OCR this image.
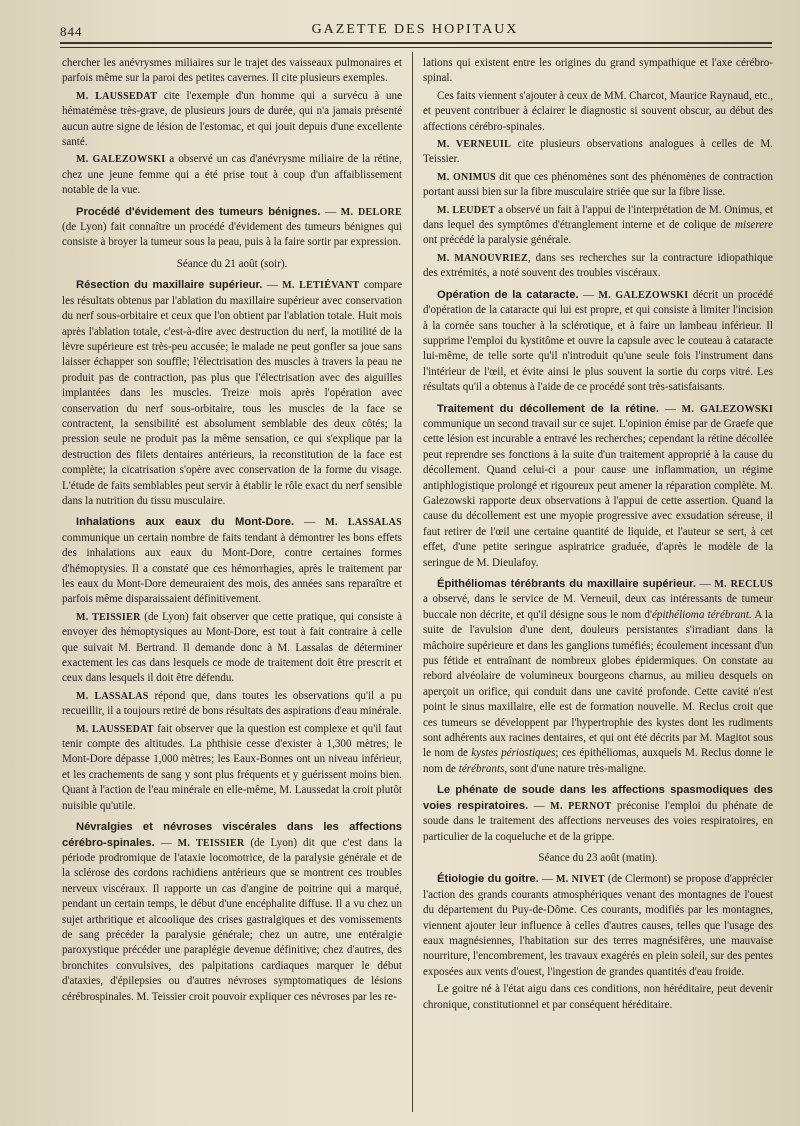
844	GAZETTE DES HOPITAUX

chercher les anévrysmes miliaires sur le trajet des vaisseaux pulmonaires et parfois même sur la paroi des petites cavernes. Il cite plusieurs exemples.

M. LAUSSEDAT cite l'exemple d'un homme qui a survécu à une hématémèse très-grave, de plusieurs jours de durée, qui n'a jamais présenté aucun autre signe de lésion de l'estomac, et qui jouit depuis d'une excellente santé.

M. GALEZOWSKI a observé un cas d'anévrysme miliaire de la rétine, chez une jeune femme qui a été prise tout à coup d'un affaiblissement notable de la vue.

Procédé d'évidement des tumeurs bénignes. — M. DELORE (de Lyon) fait connaître un procédé d'évidement des tumeurs bénignes qui consiste à broyer la tumeur sous la peau, puis à la faire sortir par expression.

Séance du 21 août (soir).

Résection du maxillaire supérieur. — M. LETIÉVANT compare les résultats obtenus par l'ablation du maxillaire supérieur avec conservation du nerf sous-orbitaire et ceux que l'on obtient par l'ablation totale. Huit mois après l'ablation totale, c'est-à-dire avec destruction du nerf, la motilité de la lèvre supérieure est très-peu accusée; le malade ne peut gonfler sa joue sans laisser échapper son souffle; l'électrisation des muscles à travers la peau ne produit pas de contraction, pas plus que l'électrisation avec des aiguilles implantées dans les muscles. Treize mois après l'opération avec conservation du nerf sous-orbitaire, tous les muscles de la face se contractent, la sensibilité est absolument semblable des deux côtés; la pression seule ne produit pas la même sensation, ce qui s'explique par la destruction des filets dentaires antérieurs, la reconstitution de la face est complète; la cicatrisation s'opère avec conservation de la forme du visage. L'étude de faits semblables peut servir à établir le rôle exact du nerf sensible dans la nutrition du tissu musculaire.

Inhalations aux eaux du Mont-Dore. — M. LASSALAS communique un certain nombre de faits tendant à démontrer les bons effets des inhalations aux eaux du Mont-Dore, contre certaines formes d'hémoptysies. Il a constaté que ces hémorrhagies, après le traitement par les eaux du Mont-Dore demeuraient des mois, des années sans reparaître et parfois même disparaissaient définitivement.

M. TEISSIER (de Lyon) fait observer que cette pratique, qui consiste à envoyer des hémoptysiques au Mont-Dore, est tout à fait contraire à celle que suivait M. Bertrand. Il demande donc à M. Lassalas de déterminer exactement les cas dans lesquels ce mode de traitement doit être prescrit et ceux dans lesquels il doit être défendu.

M. LASSALAS répond que, dans toutes les observations qu'il a pu recueillir, il a toujours retiré de bons résultats des aspirations d'eau minérale.

M. LAUSSEDAT fait observer que la question est complexe et qu'il faut tenir compte des altitudes. La phthisie cesse d'exister à 1,300 mètres; le Mont-Dore dépasse 1,000 mètres; les Eaux-Bonnes ont un niveau inférieur, et les crachements de sang y sont plus fréquents et y guérissent moins bien. Quant à l'action de l'eau minérale en elle-même, M. Laussedat la croit plutôt nuisible qu'utile.

Névralgies et névroses viscérales dans les affections cérébro-spinales. — M. TEISSIER (de Lyon) dit que c'est dans la période prodromique de l'ataxie locomotrice, de la paralysie générale et de la sclérose des cordons rachidiens antérieurs que se montrent ces troubles nerveux viscéraux. Il rapporte un cas d'angine de poitrine qui a marqué, pendant un certain temps, le début d'une encéphalite diffuse. Il a vu chez un sujet arthritique et alcoolique des crises gastralgiques et des vomissements de sang précéder la paralysie générale; chez un autre, une entéralgie paroxystique précéder une paraplégie devenue définitive; chez d'autres, des bronchites convulsives, des palpitations cardiaques marquer le début d'ataxies, d'épilepsies ou d'autres névroses symptomatiques de lésions cérébrospinales. M. Teissier croit pouvoir expliquer ces névroses par les re-

lations qui existent entre les origines du grand sympathique et l'axe cérébro-spinal.

Ces faits viennent s'ajouter à ceux de MM. Charcot, Maurice Raynaud, etc., et peuvent contribuer à éclairer le diagnostic si souvent obscur, au début des affections cérébro-spinales.

M. VERNEUIL cite plusieurs observations analogues à celles de M. Teissier.

M. ONIMUS dit que ces phénomènes sont des phénomènes de contraction portant aussi bien sur la fibre musculaire striée que sur la fibre lisse.

M. LEUDET a observé un fait à l'appui de l'interprétation de M. Onimus, et dans lequel des symptômes d'étranglement interne et de colique de miserere ont précédé la paralysie générale.

M. MANOUVRIEZ, dans ses recherches sur la contracture idiopathique des extrémités, a noté souvent des troubles viscéraux.

Opération de la cataracte. — M. GALEZOWSKI décrit un procédé d'opération de la cataracte qui lui est propre, et qui consiste à limiter l'incision à la cornée sans toucher à la sclérotique, et à faire un lambeau inférieur. Il supprime l'emploi du kystitôme et ouvre la capsule avec le couteau à cataracte lui-même, de telle sorte qu'il n'introduit qu'une seule fois l'instrument dans l'intérieur de l'œil, et évite ainsi le plus souvent la sortie du corps vitré. Les résultats qu'il a obtenus à l'aide de ce procédé sont très-satisfaisants.

Traitement du décollement de la rétine. — M. GALEZOWSKI communique un second travail sur ce sujet. L'opinion émise par de Graefe que cette lésion est incurable a entravé les recherches; cependant la rétine décollée peut reprendre ses fonctions à la suite d'un traitement approprié à la cause du décollement. Quand celui-ci a pour cause une inflammation, un régime antiphlogistique prolongé et rigoureux peut amener la réparation complète. M. Galezowski rapporte deux observations à l'appui de cette assertion. Quand la cause du décollement est une myopie progressive avec exsudation séreuse, il faut retirer de l'œil une certaine quantité de liquide, et l'auteur se sert, à cet effet, d'une petite seringue aspiratrice graduée, d'après le modèle de la seringue de M. Dieulafoy.

Épithéliomas térébrants du maxillaire supérieur. — M. RECLUS a observé, dans le service de M. Verneuil, deux cas intéressants de tumeur buccale non décrite, et qu'il désigne sous le nom d'épithélioma térébrant. A la suite de l'avulsion d'une dent, douleurs persistantes s'irradiant dans la mâchoire supérieure et dans les ganglions tuméfiés; écoulement incessant d'un pus fétide et entraînant de nombreux globes épidermiques. On constate au rebord alvéolaire de volumineux bourgeons charnus, au milieu desquels on aperçoit un orifice, qui conduit dans une cavité profonde. Cette cavité n'est point le sinus maxillaire, elle est de formation nouvelle. M. Reclus croit que ces tumeurs se développent par l'hypertrophie des kystes dont les rudiments sont adhérents aux racines dentaires, et qui ont été décrits par M. Magitot sous le nom de kystes périostiques; ces épithéliomas, auxquels M. Reclus donne le nom de térébrants, sont d'une nature très-maligne.

Le phénate de soude dans les affections spasmodiques des voies respiratoires. — M. PERNOT préconise l'emploi du phénate de soude dans le traitement des affections nerveuses des voies respiratoires, en particulier de la coqueluche et de la grippe.

Séance du 23 août (matin).

Étiologie du goitre. — M. NIVET (de Clermont) se propose d'apprécier l'action des grands courants atmosphériques venant des montagnes de l'ouest du département du Puy-de-Dôme. Ces courants, modifiés par les montagnes, viennent ajouter leur influence à celles d'autres causes, telles que l'usage des eaux magnésiennes, l'habitation sur des terres magnésifères, une mauvaise nourriture, l'encombrement, les travaux exagérés en plein soleil, sur des pentes exposées aux vents d'ouest, l'ingestion de grandes quantités d'eau froide.

Le goitre né à l'état aigu dans ces conditions, non héréditaire, peut devenir chronique, constitutionnel et par conséquent héréditaire.
